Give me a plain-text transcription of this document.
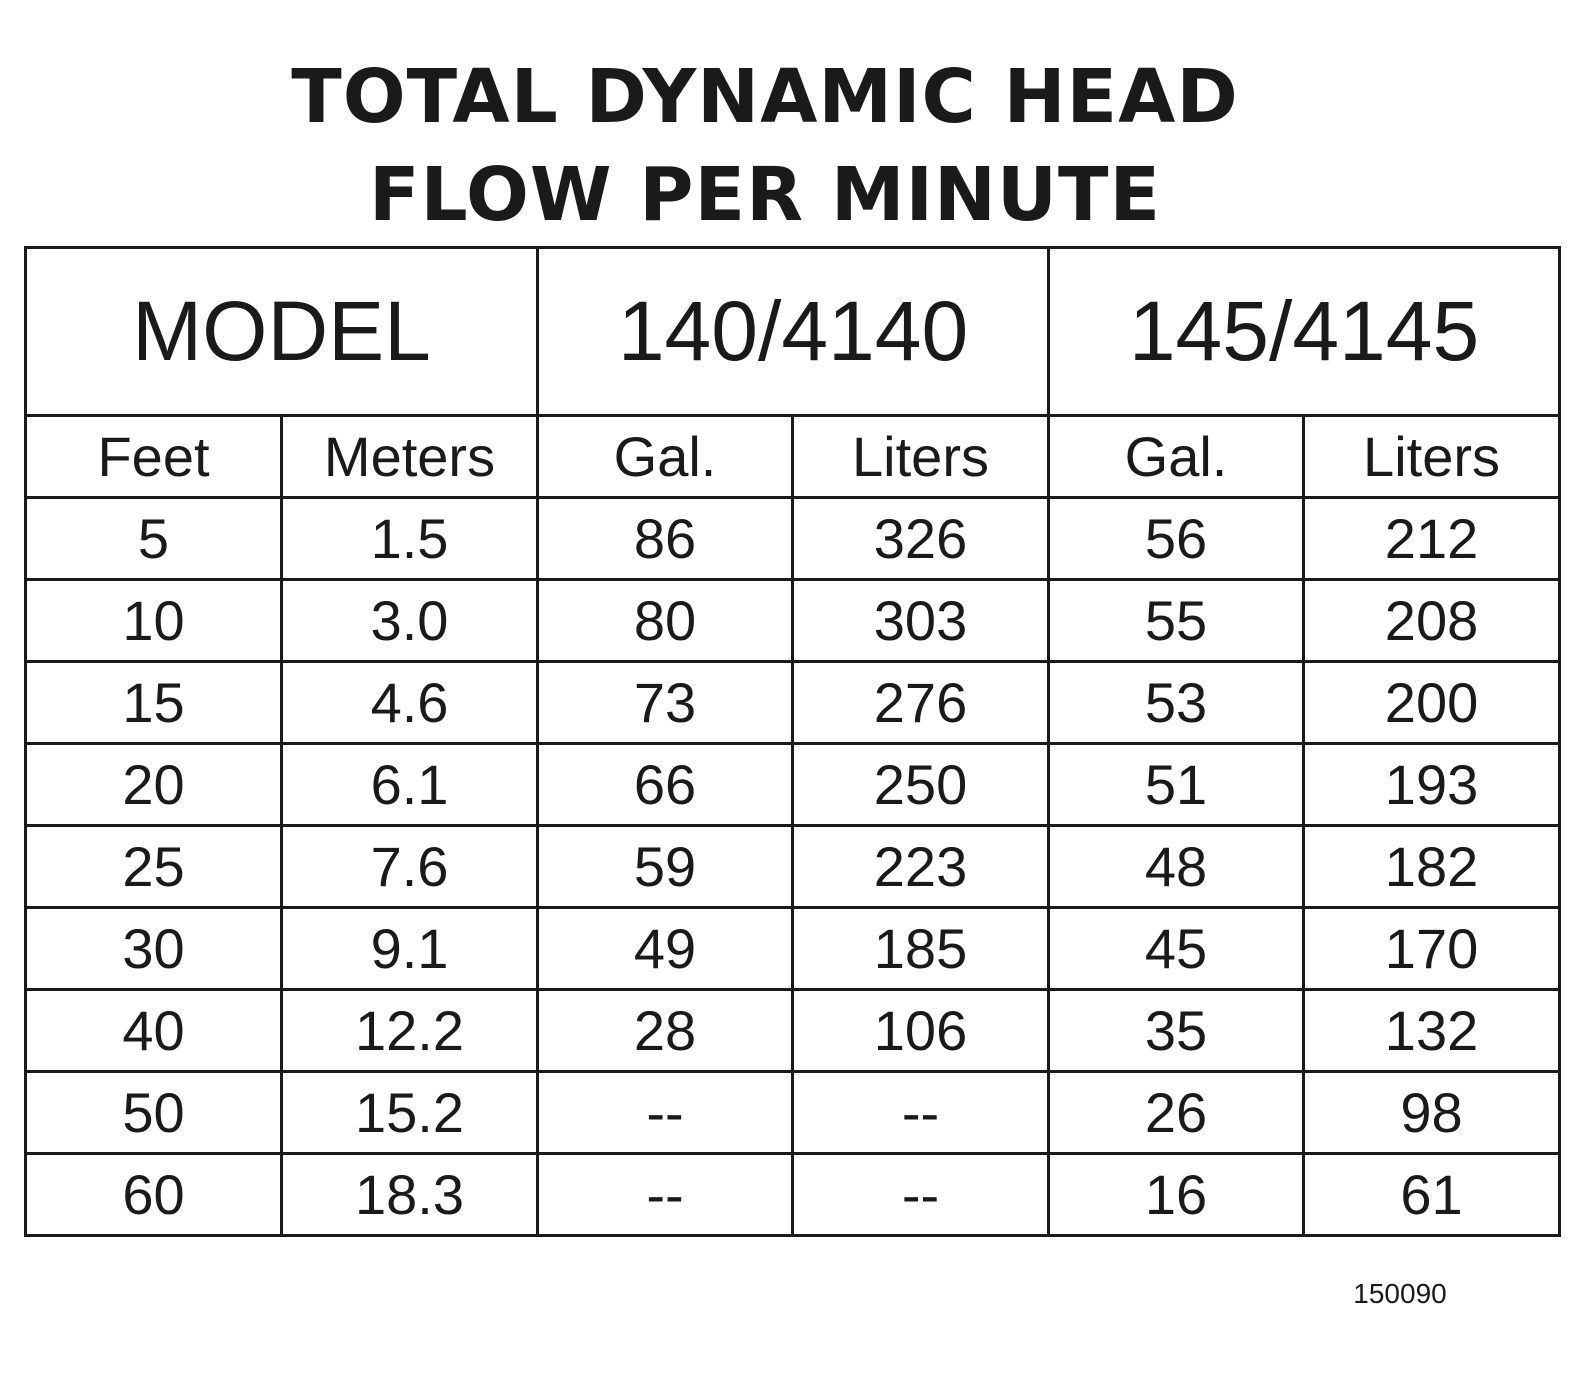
TOTAL DYNAMIC HEAD
FLOW PER MINUTE
MODEL		140/4140		145/4145	
Feet	Meters	Gal.	Liters	Gal.	Liters
5	1.5	86	326	56	212
10	3.0	80	303	55	208
15	4.6	73	276	53	200
20	6.1	66	250	51	193
25	7.6	59	223	48	182
30	9.1	49	185	45	170
40	12.2	28	106	35	132
50	15.2	--	--	26	98
60	18.3	--	--	16	61
150090
